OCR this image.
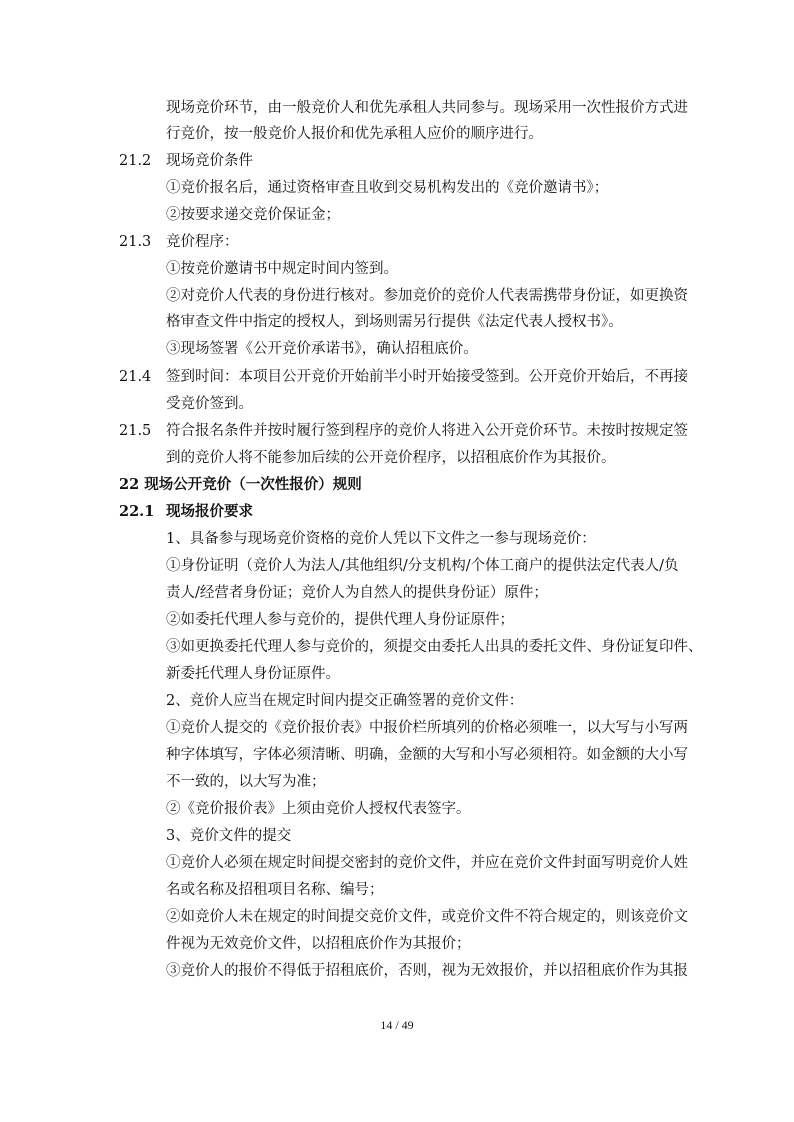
现场竞价环节，由一般竞价人和优先承租人共同参与。现场采用一次性报价方式进
行竞价，按一般竞价人报价和优先承租人应价的顺序进行。
21.2 现场竞价条件
①竞价报名后，通过资格审查且收到交易机构发出的《竞价邀请书》；
②按要求递交竞价保证金；
21.3 竞价程序：
①按竞价邀请书中规定时间内签到。
②对竞价人代表的身份进行核对。参加竞价的竞价人代表需携带身份证，如更换资
格审查文件中指定的授权人，到场则需另行提供《法定代表人授权书》。
③现场签署《公开竞价承诺书》，确认招租底价。
21.4 签到时间：本项目公开竞价开始前半小时开始接受签到。公开竞价开始后，不再接
受竞价签到。
21.5 符合报名条件并按时履行签到程序的竞价人将进入公开竞价环节。未按时按规定签
到的竞价人将不能参加后续的公开竞价程序，以招租底价作为其报价。
22 现场公开竞价（一次性报价）规则
22.1 现场报价要求
1、具备参与现场竞价资格的竞价人凭以下文件之一参与现场竞价：
①身份证明（竞价人为法人/其他组织/分支机构/个体工商户的提供法定代表人/负
责人/经营者身份证；竞价人为自然人的提供身份证）原件；
②如委托代理人参与竞价的，提供代理人身份证原件；
③如更换委托代理人参与竞价的，须提交由委托人出具的委托文件、身份证复印件、
新委托代理人身份证原件。
2、竞价人应当在规定时间内提交正确签署的竞价文件：
①竞价人提交的《竞价报价表》中报价栏所填列的价格必须唯一，以大写与小写两
种字体填写，字体必须清晰、明确，金额的大写和小写必须相符。如金额的大小写
不一致的，以大写为准；
②《竞价报价表》上须由竞价人授权代表签字。
3、竞价文件的提交
①竞价人必须在规定时间提交密封的竞价文件，并应在竞价文件封面写明竞价人姓
名或名称及招租项目名称、编号；
②如竞价人未在规定的时间提交竞价文件，或竞价文件不符合规定的，则该竞价文
件视为无效竞价文件，以招租底价作为其报价；
③竞价人的报价不得低于招租底价，否则，视为无效报价，并以招租底价作为其报
14 / 49
